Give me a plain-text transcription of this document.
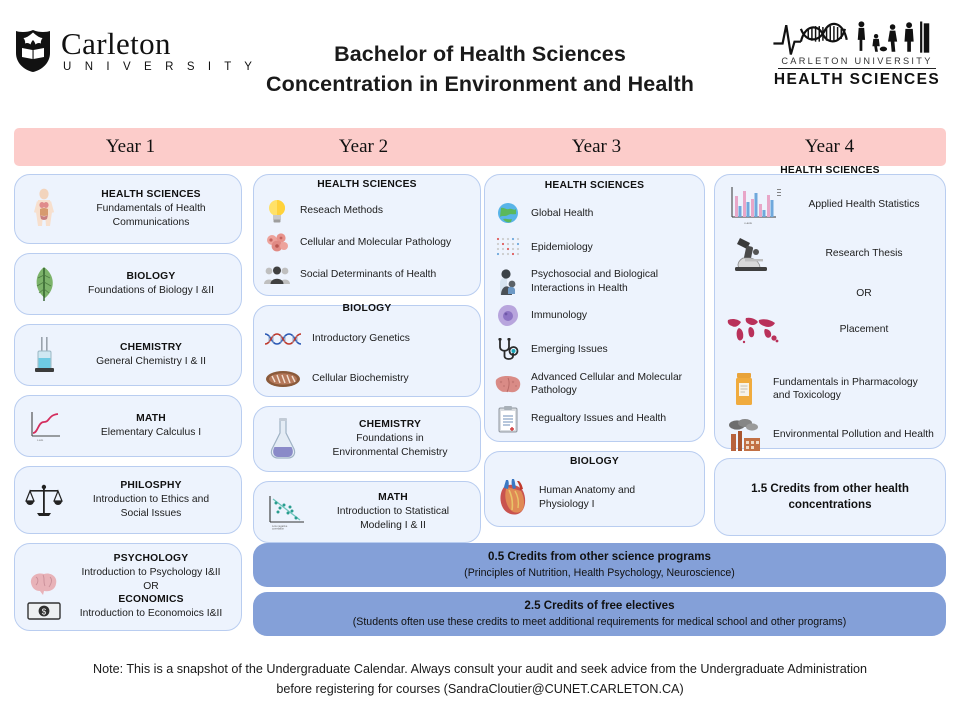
Carleton
U N I V E R S I T Y
Bachelor of Health Sciences
Concentration in Environment and Health
CARLETON UNIVERSITY
HEALTH SCIENCES
Year 1	Year 2	Year 3	Year 4
HEALTH SCIENCES
Fundamentals of Health
Communications
BIOLOGY
Foundations of Biology I &II
CHEMISTRY
General Chemistry I & II
x-axis
MATH
Elementary Calculus I
PHILOSPHY
Introduction to Ethics and
Social Issues
$
PSYCHOLOGY
Introduction to Psychology I&II
OR
ECONOMICS
Introduction to Economoics I&II
HEALTH SCIENCES
Reseach Methods
Cellular and Molecular Pathology
Social Determinants of Health
BIOLOGY
Introductory Genetics
Cellular Biochemistry
CHEMISTRY
Foundations in
Environmental Chemistry
Low negative
correlation
MATH
Introduction to Statistical
Modeling I & II
HEALTH SCIENCES
Global Health
Epidemiology
Psychosocial and Biological Interactions in Health
Immunology
Emerging Issues
Advanced Cellular and Molecular Pathology
Regualtory Issues and Health
BIOLOGY
Human Anatomy and
Physiology I
HEALTH SCIENCES
x-axis
Applied Health Statistics
Research Thesis
OR
Placement
Fundamentals in Pharmacology and Toxicology
Environmental Pollution and Health
1.5 Credits from other health
concentrations
0.5 Credits from other science programs
(Principles of Nutrition, Health Psychology, Neuroscience)
2.5 Credits of free electives
(Students often use these credits to meet additional requirements for medical school and other programs)
Note: This is a snapshot of the Undergraduate Calendar. Always consult your audit and seek advice from the Undergraduate Administration
before registering for courses (SandraCloutier@CUNET.CARLETON.CA)
